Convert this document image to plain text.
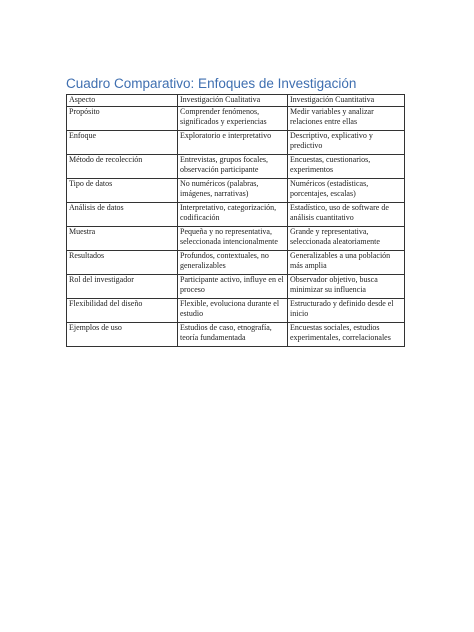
Cuadro Comparativo: Enfoques de Investigación
Aspecto	Investigación Cualitativa	Investigación Cuantitativa
Propósito	Comprender fenómenos, significados y experiencias	Medir variables y analizar relaciones entre ellas
Enfoque	Exploratorio e interpretativo	Descriptivo, explicativo y predictivo
Método de recolección	Entrevistas, grupos focales, observación participante	Encuestas, cuestionarios, experimentos
Tipo de datos	No numéricos (palabras, imágenes, narrativas)	Numéricos (estadísticas, porcentajes, escalas)
Análisis de datos	Interpretativo, categorización, codificación	Estadístico, uso de software de análisis cuantitativo
Muestra	Pequeña y no representativa, seleccionada intencionalmente	Grande y representativa, seleccionada aleatoriamente
Resultados	Profundos, contextuales, no generalizables	Generalizables a una población más amplia
Rol del investigador	Participante activo, influye en el proceso	Observador objetivo, busca minimizar su influencia
Flexibilidad del diseño	Flexible, evoluciona durante el estudio	Estructurado y definido desde el inicio
Ejemplos de uso	Estudios de caso, etnografía, teoría fundamentada	Encuestas sociales, estudios experimentales, correlacionales
